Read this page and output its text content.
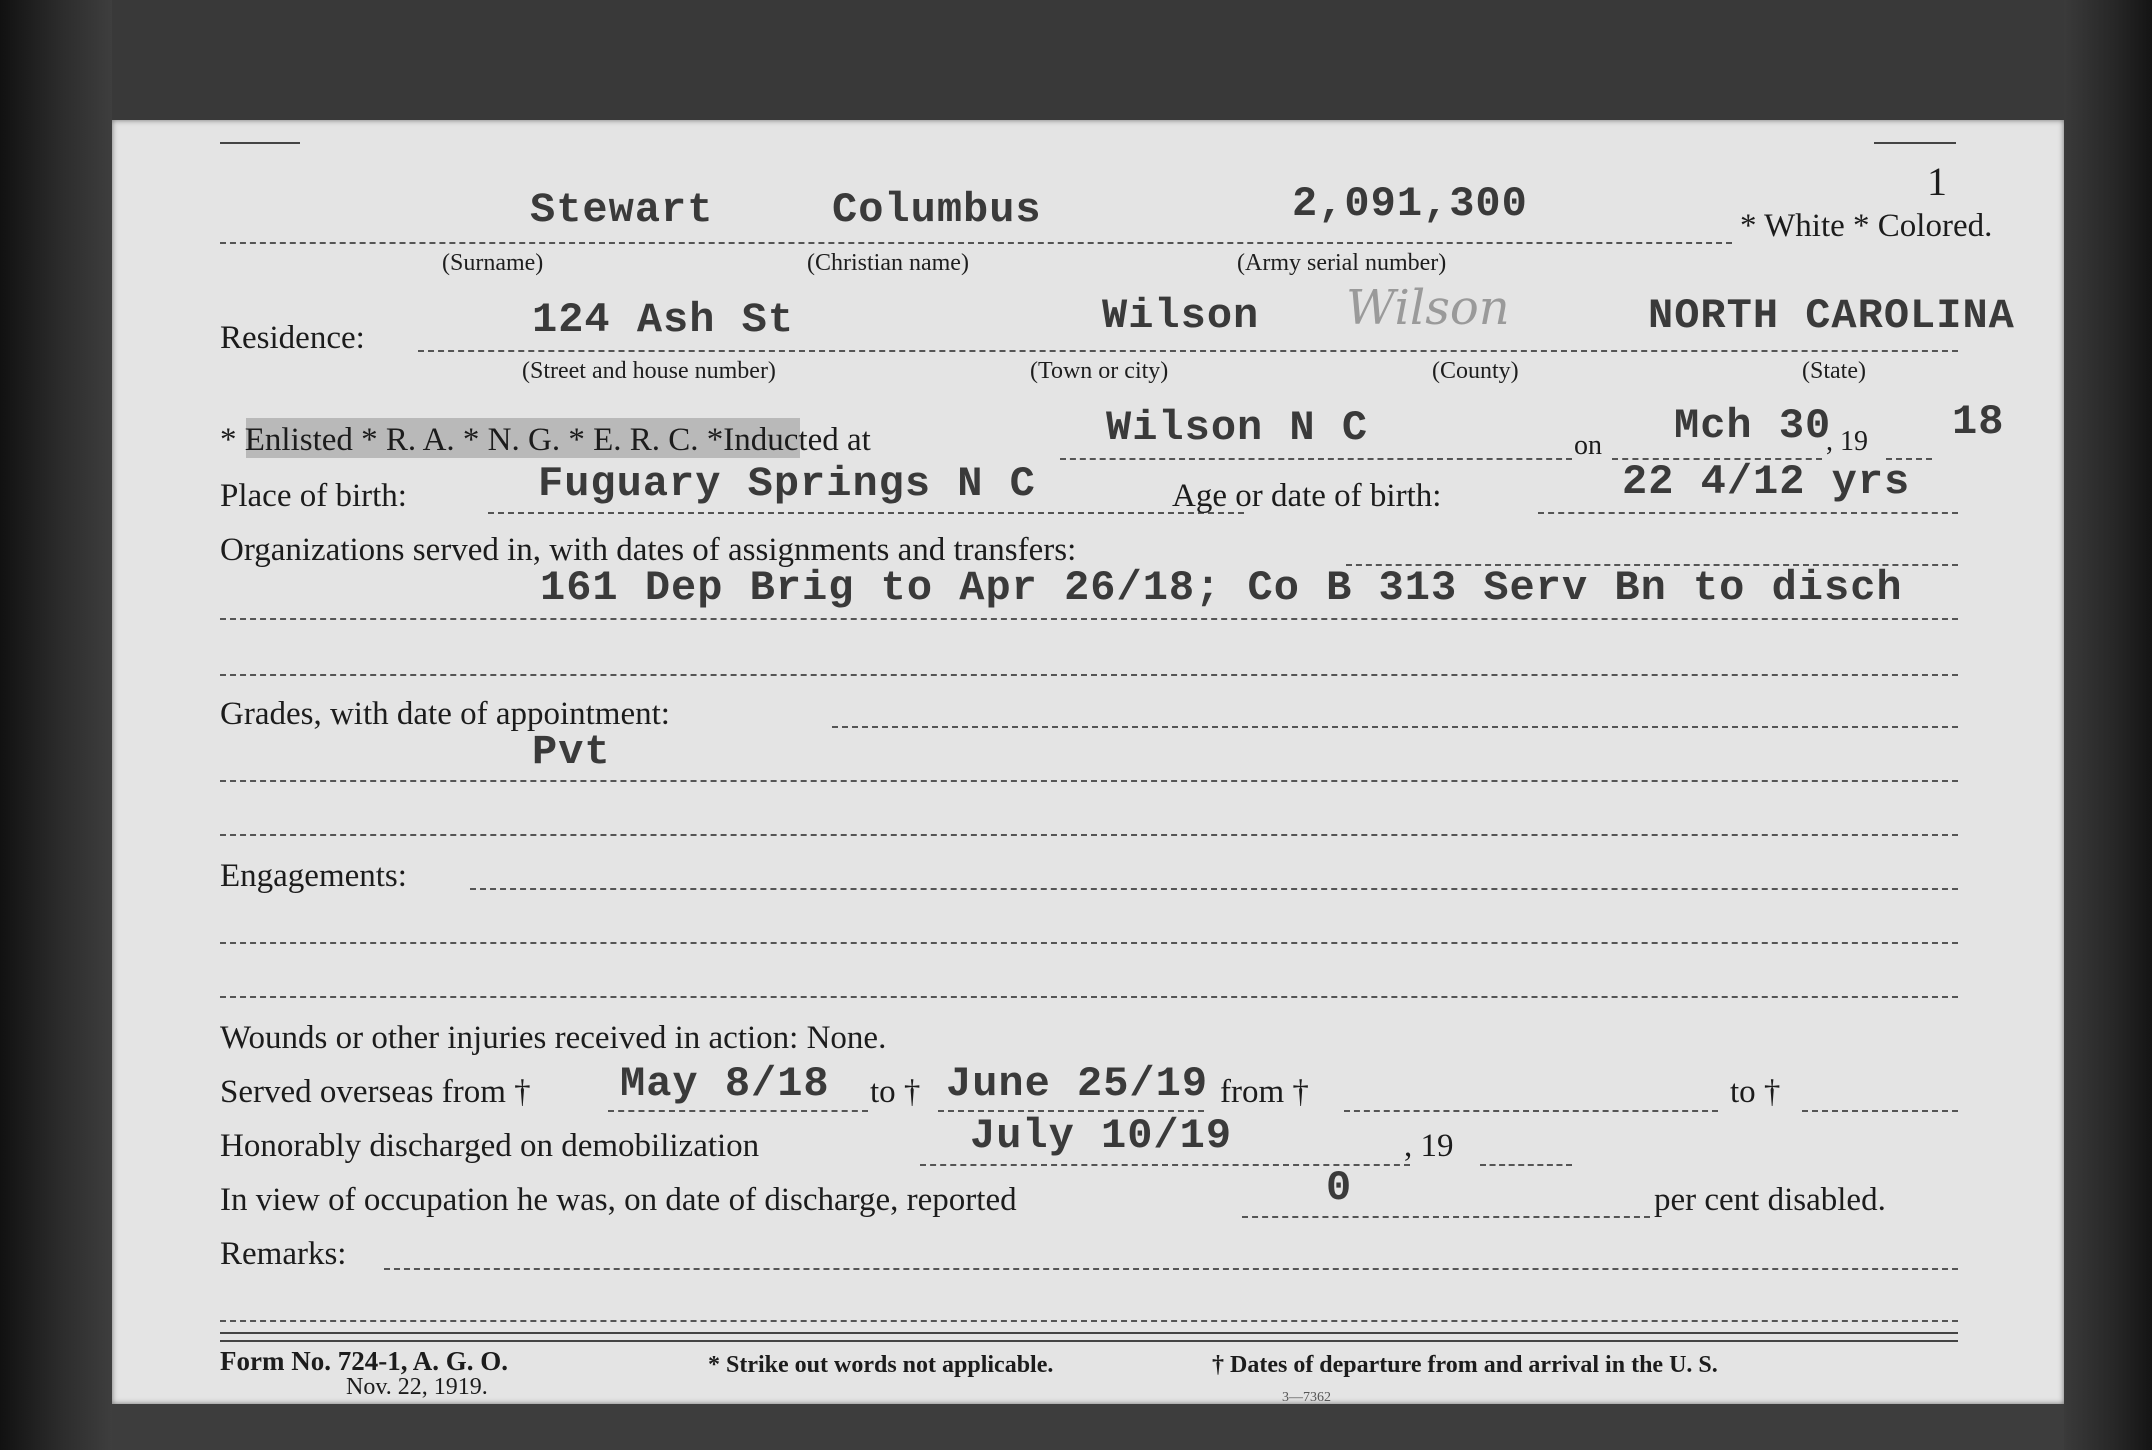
1
Stewart	Columbus	2,091,300	* White * Colored.
(Surname)	(Christian name)	(Army serial number)
Residence:	124 Ash St	Wilson Wilson	NORTH CAROLINA
(Street and house number)	(Town or city)	(County)	(State)
* Enlisted * R. A. * N. G. * E. R. C. *Inducted at	Wilson N C	on Mch 30
, 19 18
Place of birth:	Fuguary Springs N C	Age or date of birth:	22 4/12 yrs
Organizations served in, with dates of assignments and transfers:
161 Dep Brig to Apr 26/18; Co B 313 Serv Bn to disch
Grades, with date of appointment:
Pvt
Engagements:
Wounds or other injuries received in action: None.
Served overseas from † May 8/18 to † June 25/19 from †	to †
Honorably discharged on demobilization	July 10/19	, 19
In view of occupation he was, on date of discharge, reported	0	per cent disabled.
Remarks:
Form No. 724-1, A. G. O.
Nov. 22, 1919.
* Strike out words not applicable.	† Dates of departure from and arrival in the U. S.
3—7362
